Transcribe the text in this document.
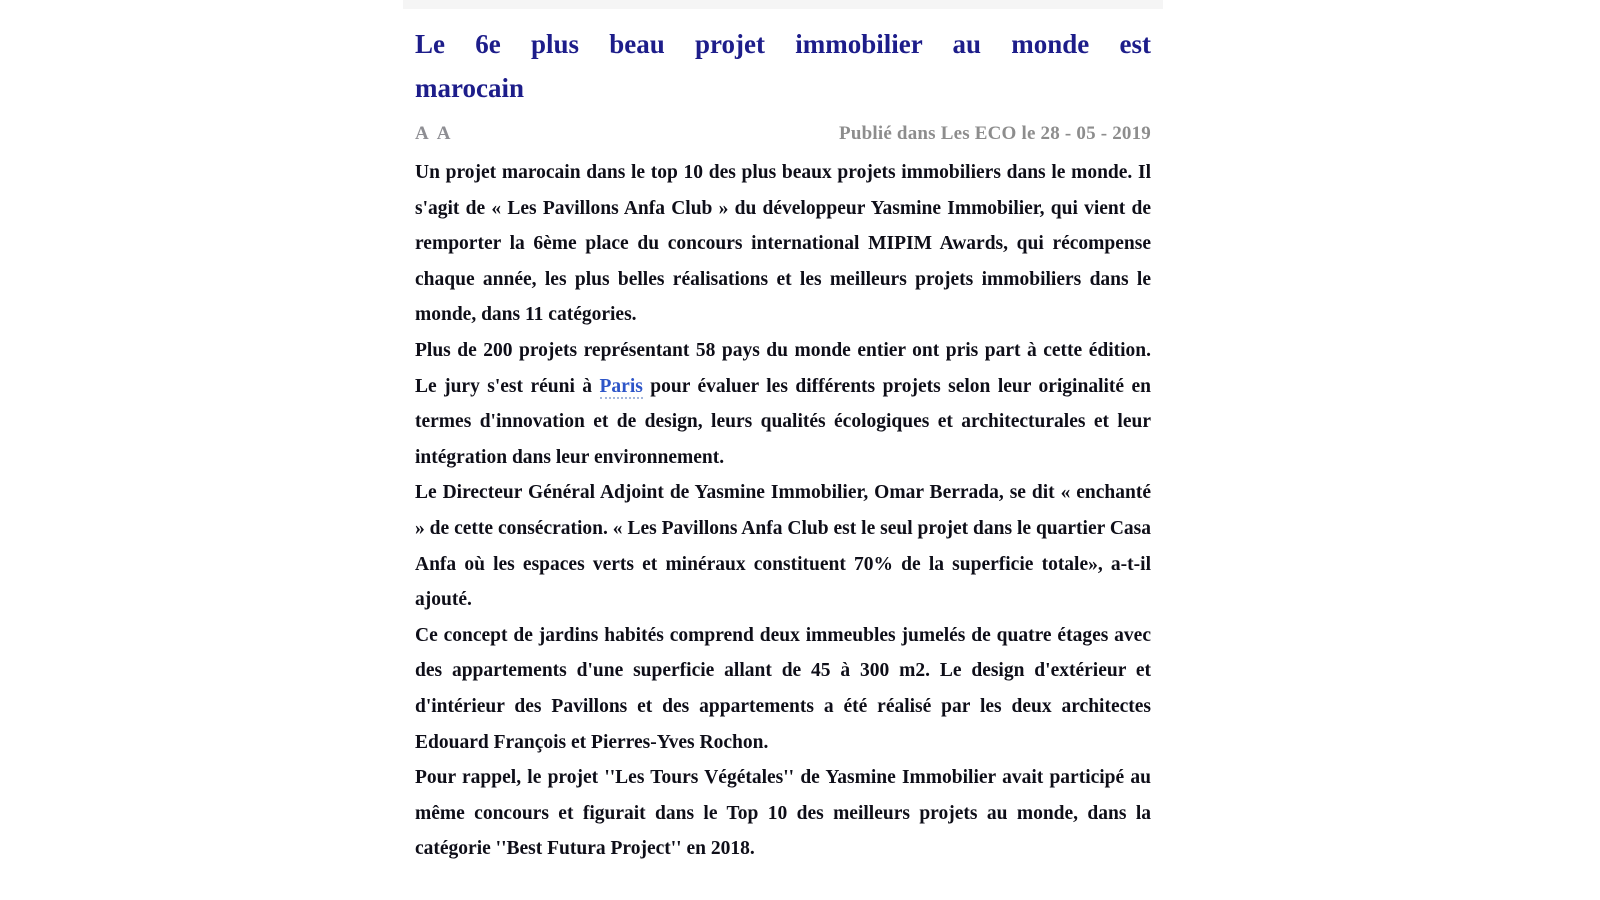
Le 6e plus beau projet immobilier au monde est
marocain
A A	Publié dans Les ECO le 28 - 05 - 2019

Un projet marocain dans le top 10 des plus beaux projets immobiliers dans le monde. Il s'agit de « Les Pavillons Anfa Club » du développeur Yasmine Immobilier, qui vient de remporter la 6ème place du concours international MIPIM Awards, qui récompense chaque année, les plus belles réalisations et les meilleurs projets immobiliers dans le monde, dans 11 catégories.

Plus de 200 projets représentant 58 pays du monde entier ont pris part à cette édition. Le jury s'est réuni à Paris pour évaluer les différents projets selon leur originalité en termes d'innovation et de design, leurs qualités écologiques et architecturales et leur intégration dans leur environnement.

Le Directeur Général Adjoint de Yasmine Immobilier, Omar Berrada, se dit « enchanté » de cette consécration. « Les Pavillons Anfa Club est le seul projet dans le quartier Casa Anfa où les espaces verts et minéraux constituent 70% de la superficie totale», a-t-il ajouté.

Ce concept de jardins habités comprend deux immeubles jumelés de quatre étages avec des appartements d'une superficie allant de 45 à 300 m2. Le design d'extérieur et d'intérieur des Pavillons et des appartements a été réalisé par les deux architectes Edouard François et Pierres-Yves Rochon.

Pour rappel, le projet ''Les Tours Végétales'' de Yasmine Immobilier avait participé au même concours et figurait dans le Top 10 des meilleurs projets au monde, dans la catégorie ''Best Futura Project'' en 2018.
